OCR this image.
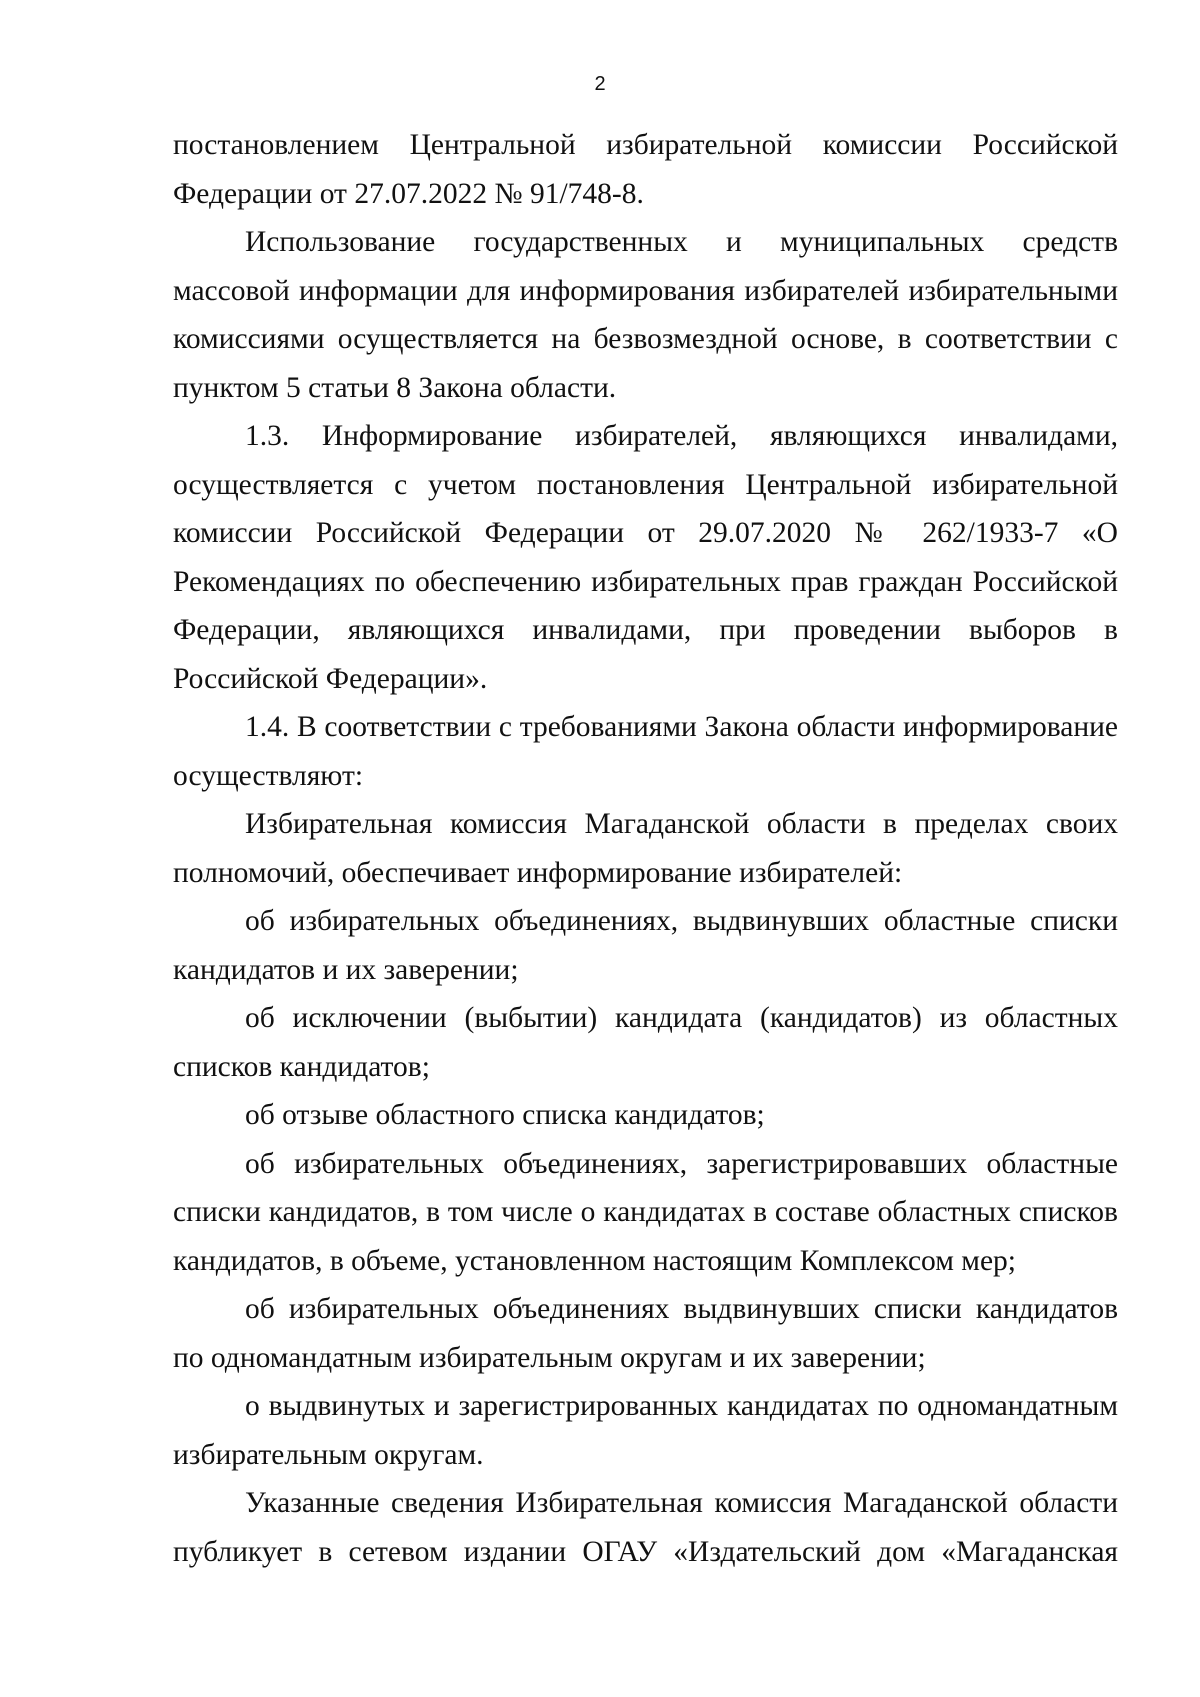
2

постановлением Центральной избирательной комиссии Российской Федерации от 27.07.2022 № 91/748-8.

Использование государственных и муниципальных средств массовой информации для информирования избирателей избирательными комиссиями осуществляется на безвозмездной основе, в соответствии с пунктом 5 статьи 8 Закона области.

1.3. Информирование избирателей, являющихся инвалидами, осуществляется с учетом постановления Центральной избирательной комиссии Российской Федерации от 29.07.2020 № 262/1933-7 «О Рекомендациях по обеспечению избирательных прав граждан Российской Федерации, являющихся инвалидами, при проведении выборов в Российской Федерации».

1.4. В соответствии с требованиями Закона области информирование осуществляют:

Избирательная комиссия Магаданской области в пределах своих полномочий, обеспечивает информирование избирателей:

об избирательных объединениях, выдвинувших областные списки кандидатов и их заверении;

об исключении (выбытии) кандидата (кандидатов) из областных списков кандидатов;

об отзыве областного списка кандидатов;

об избирательных объединениях, зарегистрировавших областные списки кандидатов, в том числе о кандидатах в составе областных списков кандидатов, в объеме, установленном настоящим Комплексом мер;

об избирательных объединениях выдвинувших списки кандидатов по одномандатным избирательным округам и их заверении;

о выдвинутых и зарегистрированных кандидатах по одномандатным избирательным округам.

Указанные сведения Избирательная комиссия Магаданской области публикует в сетевом издании ОГАУ «Издательский дом «Магаданская
